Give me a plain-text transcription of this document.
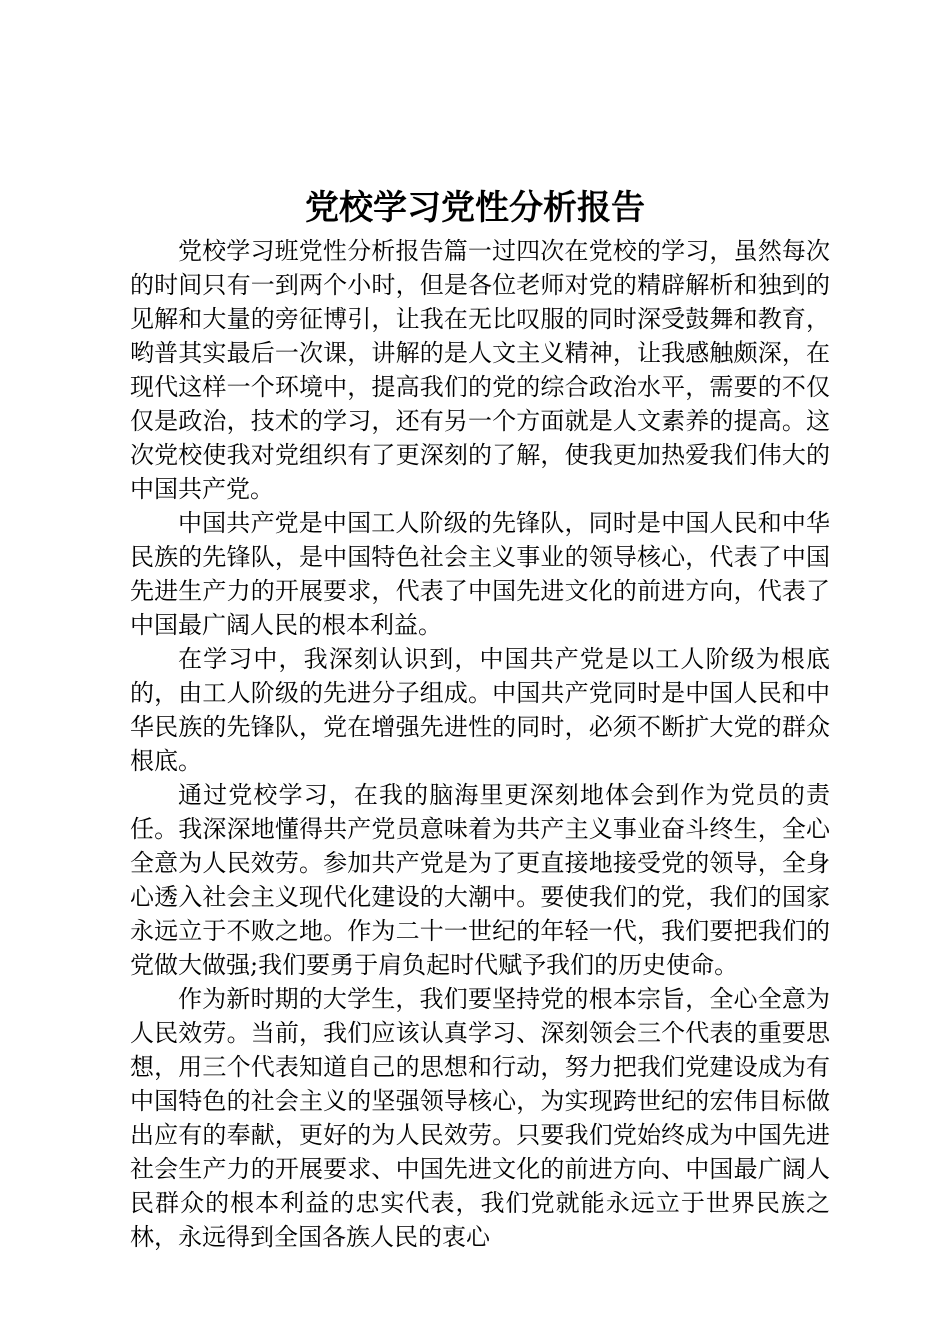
党校学习党性分析报告

党校学习班党性分析报告篇一过四次在党校的学习，虽然每次的时间只有一到两个小时，但是各位老师对党的精辟解析和独到的见解和大量的旁征博引，让我在无比叹服的同时深受鼓舞和教育，哟普其实最后一次课，讲解的是人文主义精神，让我感触颇深，在现代这样一个环境中，提高我们的党的综合政治水平，需要的不仅仅是政治，技术的学习，还有另一个方面就是人文素养的提高。这次党校使我对党组织有了更深刻的了解，使我更加热爱我们伟大的中国共产党。

中国共产党是中国工人阶级的先锋队，同时是中国人民和中华民族的先锋队，是中国特色社会主义事业的领导核心，代表了中国先进生产力的开展要求，代表了中国先进文化的前进方向，代表了中国最广阔人民的根本利益。

在学习中，我深刻认识到，中国共产党是以工人阶级为根底的，由工人阶级的先进分子组成。中国共产党同时是中国人民和中华民族的先锋队，党在增强先进性的同时，必须不断扩大党的群众根底。

通过党校学习，在我的脑海里更深刻地体会到作为党员的责任。我深深地懂得共产党员意味着为共产主义事业奋斗终生，全心全意为人民效劳。参加共产党是为了更直接地接受党的领导，全身心透入社会主义现代化建设的大潮中。要使我们的党，我们的国家永远立于不败之地。作为二十一世纪的年轻一代，我们要把我们的党做大做强;我们要勇于肩负起时代赋予我们的历史使命。

作为新时期的大学生，我们要坚持党的根本宗旨，全心全意为人民效劳。当前，我们应该认真学习、深刻领会三个代表的重要思想，用三个代表知道自己的思想和行动，努力把我们党建设成为有中国特色的社会主义的坚强领导核心，为实现跨世纪的宏伟目标做出应有的奉献，更好的为人民效劳。只要我们党始终成为中国先进社会生产力的开展要求、中国先进文化的前进方向、中国最广阔人民群众的根本利益的忠实代表，我们党就能永远立于世界民族之林，永远得到全国各族人民的衷心
